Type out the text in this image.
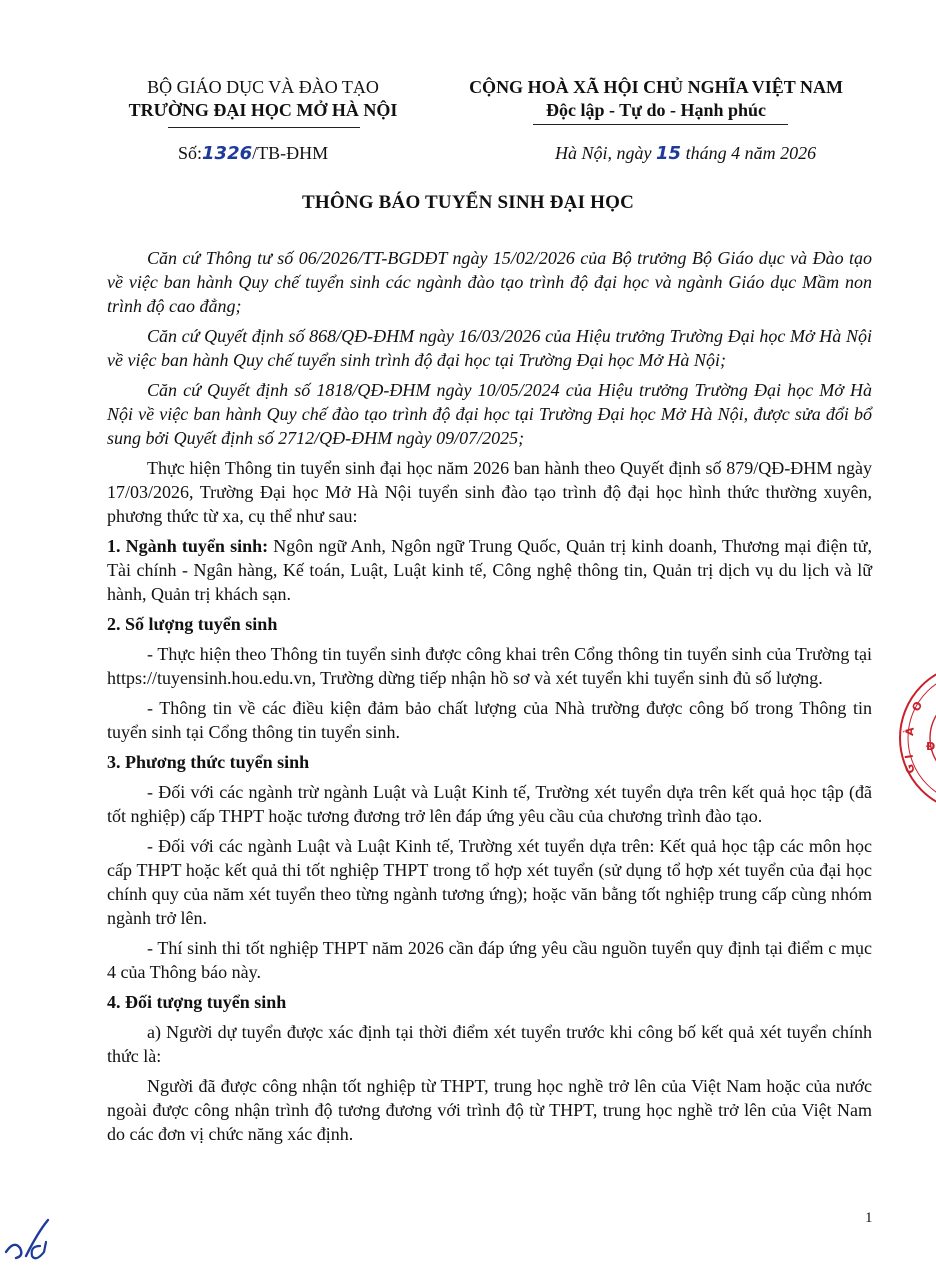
BỘ GIÁO DỤC VÀ ĐÀO TẠO
TRƯỜNG ĐẠI HỌC MỞ HÀ NỘI
CỘNG HOÀ XÃ HỘI CHỦ NGHĨA VIỆT NAM
Độc lập - Tự do - Hạnh phúc
Số:1326/TB-ĐHM	Hà Nội, ngày 15 tháng 4 năm 2026
THÔNG BÁO TUYỂN SINH ĐẠI HỌC

Căn cứ Thông tư số 06/2026/TT-BGDĐT ngày 15/02/2026 của Bộ trưởng Bộ Giáo dục và Đào tạo về việc ban hành Quy chế tuyển sinh các ngành đào tạo trình độ đại học và ngành Giáo dục Mầm non trình độ cao đẳng;

Căn cứ Quyết định số 868/QĐ-ĐHM ngày 16/03/2026 của Hiệu trưởng Trường Đại học Mở Hà Nội về việc ban hành Quy chế tuyển sinh trình độ đại học tại Trường Đại học Mở Hà Nội;

Căn cứ Quyết định số 1818/QĐ-ĐHM ngày 10/05/2024 của Hiệu trưởng Trường Đại học Mở Hà Nội về việc ban hành Quy chế đào tạo trình độ đại học tại Trường Đại học Mở Hà Nội, được sửa đổi bổ sung bởi Quyết định số 2712/QĐ-ĐHM ngày 09/07/2025;

Thực hiện Thông tin tuyển sinh đại học năm 2026 ban hành theo Quyết định số 879/QĐ-ĐHM ngày 17/03/2026, Trường Đại học Mở Hà Nội tuyển sinh đào tạo trình độ đại học hình thức thường xuyên, phương thức từ xa, cụ thể như sau:

1. Ngành tuyển sinh: Ngôn ngữ Anh, Ngôn ngữ Trung Quốc, Quản trị kinh doanh, Thương mại điện tử, Tài chính - Ngân hàng, Kế toán, Luật, Luật kinh tế, Công nghệ thông tin, Quản trị dịch vụ du lịch và lữ hành, Quản trị khách sạn.

2. Số lượng tuyển sinh

- Thực hiện theo Thông tin tuyển sinh được công khai trên Cổng thông tin tuyển sinh của Trường tại https://tuyensinh.hou.edu.vn, Trường dừng tiếp nhận hồ sơ và xét tuyển khi tuyển sinh đủ số lượng.

- Thông tin về các điều kiện đảm bảo chất lượng của Nhà trường được công bố trong Thông tin tuyển sinh tại Cổng thông tin tuyển sinh.

3. Phương thức tuyển sinh

- Đối với các ngành trừ ngành Luật và Luật Kinh tế, Trường xét tuyển dựa trên kết quả học tập (đã tốt nghiệp) cấp THPT hoặc tương đương trở lên đáp ứng yêu cầu của chương trình đào tạo.

- Đối với các ngành Luật và Luật Kinh tế, Trường xét tuyển dựa trên: Kết quả học tập các môn học cấp THPT hoặc kết quả thi tốt nghiệp THPT trong tổ hợp xét tuyển (sử dụng tổ hợp xét tuyển của đại học chính quy của năm xét tuyển theo từng ngành tương ứng); hoặc văn bằng tốt nghiệp trung cấp cùng nhóm ngành trở lên.

- Thí sinh thi tốt nghiệp THPT năm 2026 cần đáp ứng yêu cầu nguồn tuyển quy định tại điểm c mục 4 của Thông báo này.

4. Đối tượng tuyển sinh

a) Người dự tuyển được xác định tại thời điểm xét tuyển trước khi công bố kết quả xét tuyển chính thức là:

Người đã được công nhận tốt nghiệp từ THPT, trung học nghề trở lên của Việt Nam hoặc của nước ngoài được công nhận trình độ tương đương với trình độ từ THPT, trung học nghề trở lên của Việt Nam do các đơn vị chức năng xác định.

1
O
À
I
G
Đ
